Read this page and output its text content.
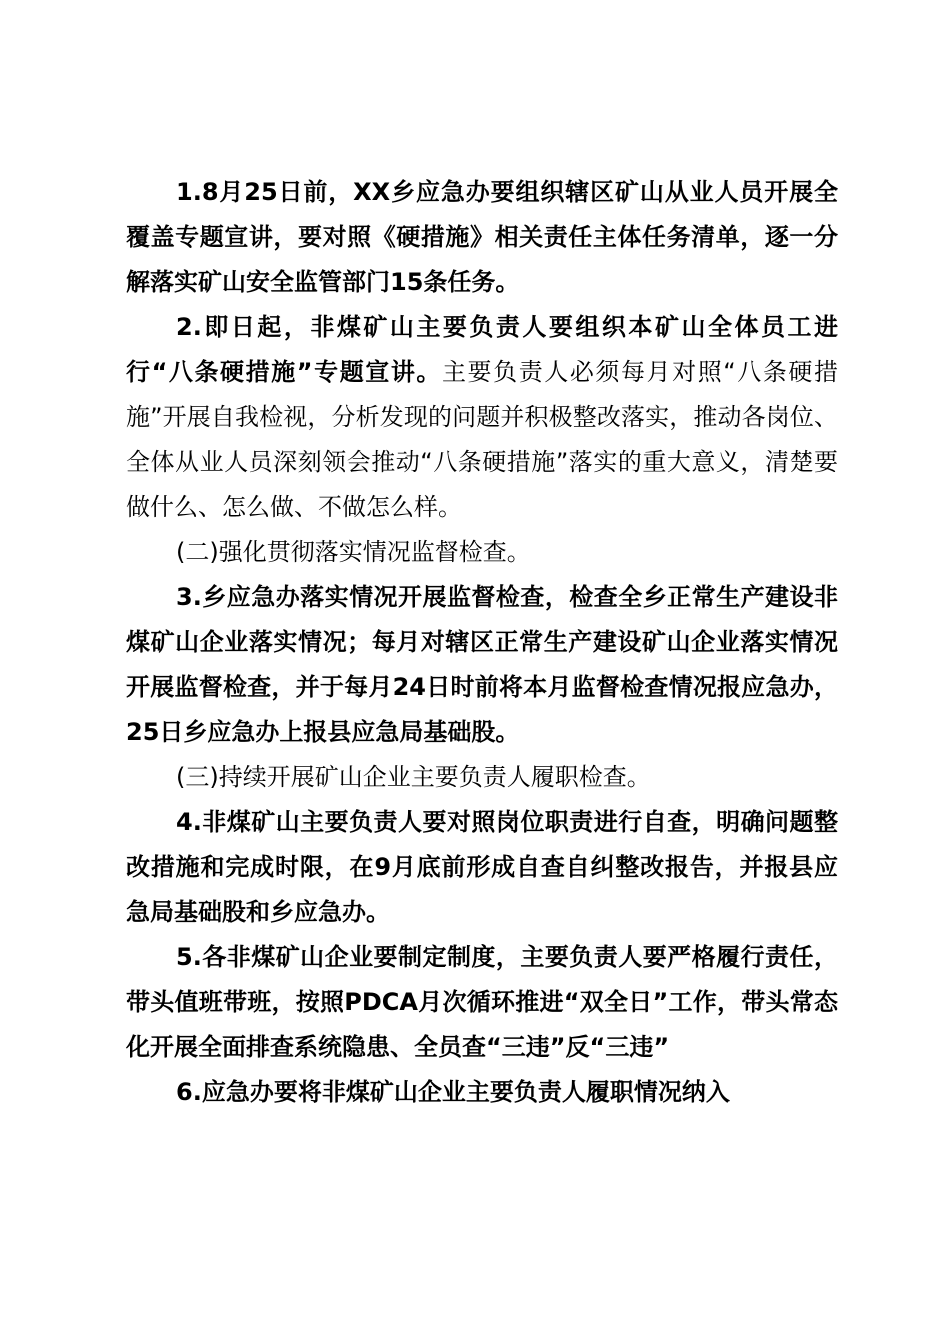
1.8月25日前，XX乡应急办要组织辖区矿山从业人员开展全覆盖专题宣讲，要对照《硬措施》相关责任主体任务清单，逐一分解落实矿山安全监管部门15条任务。

2.即日起，非煤矿山主要负责人要组织本矿山全体员工进行“八条硬措施”专题宣讲。主要负责人必须每月对照“八条硬措施”开展自我检视，分析发现的问题并积极整改落实，推动各岗位、全体从业人员深刻领会推动“八条硬措施”落实的重大意义，清楚要做什么、怎么做、不做怎么样。

(二)强化贯彻落实情况监督检查。

3.乡应急办落实情况开展监督检查，检查全乡正常生产建设非煤矿山企业落实情况；每月对辖区正常生产建设矿山企业落实情况开展监督检查，并于每月24日时前将本月监督检查情况报应急办，25日乡应急办上报县应急局基础股。

(三)持续开展矿山企业主要负责人履职检查。

4.非煤矿山主要负责人要对照岗位职责进行自查，明确问题整改措施和完成时限，在9月底前形成自查自纠整改报告，并报县应急局基础股和乡应急办。

5.各非煤矿山企业要制定制度，主要负责人要严格履行责任，带头值班带班，按照PDCA月次循环推进“双全日”工作，带头常态化开展全面排查系统隐患、全员查“三违”反“三违”

6.应急办要将非煤矿山企业主要负责人履职情况纳入
